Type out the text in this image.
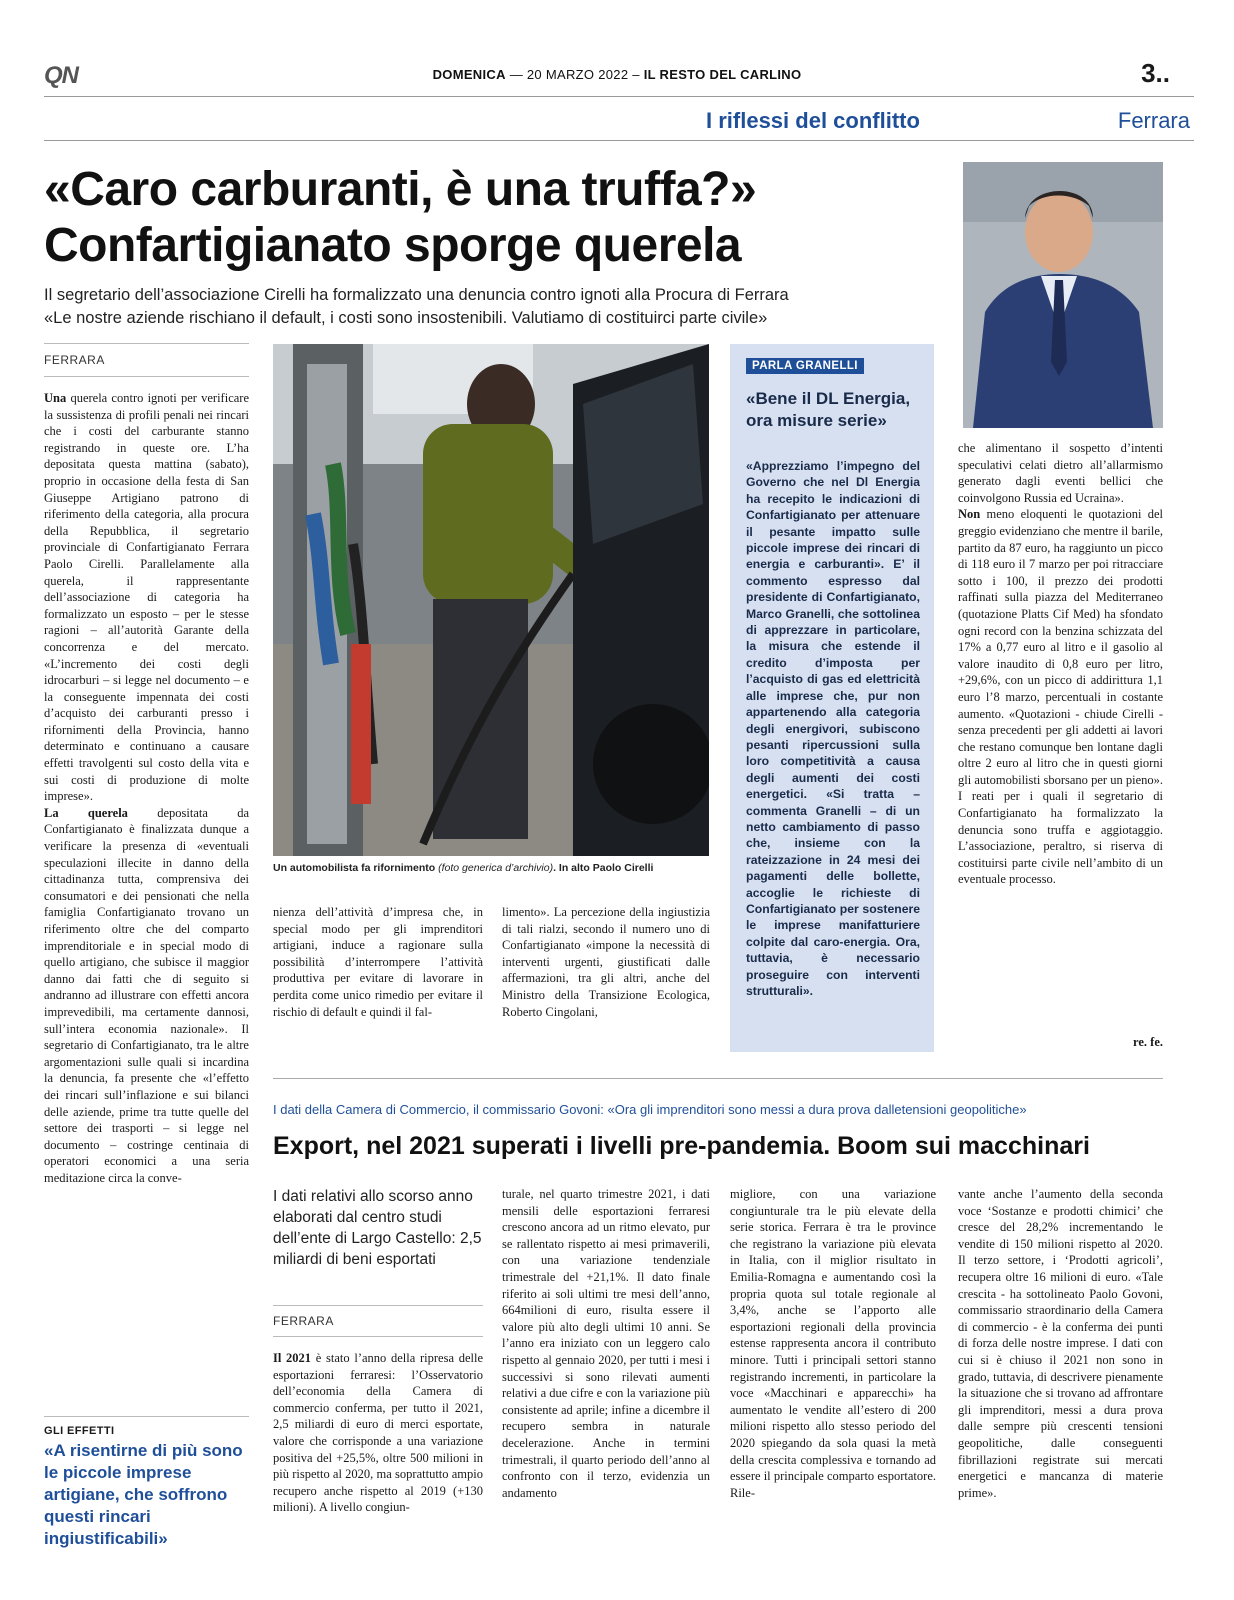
QN	DOMENICA — 20 MARZO 2022 – IL RESTO DEL CARLINO	3..
I riflessi del conflitto	Ferrara
«Caro carburanti, è una truffa?»
Confartigianato sporge querela
Il segretario dell’associazione Cirelli ha formalizzato una denuncia contro ignoti alla Procura di Ferrara
«Le nostre aziende rischiano il default, i costi sono insostenibili. Valutiamo di costituirci parte civile»
FERRARA
Una querela contro ignoti per verificare la sussistenza di profili penali nei rincari che i costi del carburante stanno registrando in queste ore. L’ha depositata questa mattina (sabato), proprio in occasione della festa di San Giuseppe Artigiano patrono di riferimento della categoria, alla procura della Repubblica, il segretario provinciale di Confartigianato Ferrara Paolo Cirelli. Parallelamente alla querela, il rappresentante dell’associazione di categoria ha formalizzato un esposto – per le stesse ragioni – all’autorità Garante della concorrenza e del mercato. «L’incremento dei costi degli idrocarburi – si legge nel documento – e la conseguente impennata dei costi d’acquisto dei carburanti presso i rifornimenti della Provincia, hanno determinato e continuano a causare effetti travolgenti sul costo della vita e sui costi di produzione di molte imprese».
La querela depositata da Confartigianato è finalizzata dunque a verificare la presenza di «eventuali speculazioni illecite in danno della cittadinanza tutta, comprensiva dei consumatori e dei pensionati che nella famiglia Confartigianato trovano un riferimento oltre che del comparto imprenditoriale e in special modo di quello artigiano, che subisce il maggior danno dai fatti che di seguito si andranno ad illustrare con effetti ancora imprevedibili, ma certamente dannosi, sull’intera economia nazionale». Il segretario di Confartigianato, tra le altre argomentazioni sulle quali si incardina la denuncia, fa presente che «l’effetto dei rincari sull’inflazione e sui bilanci delle aziende, prime tra tutte quelle del settore dei trasporti – si legge nel documento – costringe centinaia di operatori economici a una seria meditazione circa la conve-
GLI EFFETTI
«A risentirne di più sono le piccole imprese artigiane, che soffrono questi rincari ingiustificabili»
Un automobilista fa rifornimento (foto generica d’archivio). In alto Paolo Cirelli
nienza dell’attività d’impresa che, in special modo per gli imprenditori artigiani, induce a ragionare sulla possibilità d’interrompere l’attività produttiva per evitare di lavorare in perdita come unico rimedio per evitare il rischio di default e quindi il fal-
limento». La percezione della ingiustizia di tali rialzi, secondo il numero uno di Confartigianato «impone la necessità di interventi urgenti, giustificati dalle affermazioni, tra gli altri, anche del Ministro della Transizione Ecologica, Roberto Cingolani,
PARLA GRANELLI
«Bene il DL Energia, ora misure serie»
«Apprezziamo l’impegno del Governo che nel Dl Energia ha recepito le indicazioni di Confartigianato per attenuare il pesante impatto sulle piccole imprese dei rincari di energia e carburanti». E’ il commento espresso dal presidente di Confartigianato, Marco Granelli, che sottolinea di apprezzare in particolare, la misura che estende il credito d’imposta per l’acquisto di gas ed elettricità alle imprese che, pur non appartenendo alla categoria degli energivori, subiscono pesanti ripercussioni sulla loro competitività a causa degli aumenti dei costi energetici. «Si tratta – commenta Granelli – di un netto cambiamento di passo che, insieme con la rateizzazione in 24 mesi dei pagamenti delle bollette, accoglie le richieste di Confartigianato per sostenere le imprese manifatturiere colpite dal caro-energia. Ora, tuttavia, è necessario proseguire con interventi strutturali».
che alimentano il sospetto d’intenti speculativi celati dietro all’allarmismo generato dagli eventi bellici che coinvolgono Russia ed Ucraina».
Non meno eloquenti le quotazioni del greggio evidenziano che mentre il barile, partito da 87 euro, ha raggiunto un picco di 118 euro il 7 marzo per poi ritracciare sotto i 100, il prezzo dei prodotti raffinati sulla piazza del Mediterraneo (quotazione Platts Cif Med) ha sfondato ogni record con la benzina schizzata del 17% a 0,77 euro al litro e il gasolio al valore inaudito di 0,8 euro per litro, +29,6%, con un picco di addirittura 1,1 euro l’8 marzo, percentuali in costante aumento. «Quotazioni - chiude Cirelli - senza precedenti per gli addetti ai lavori che restano comunque ben lontane dagli oltre 2 euro al litro che in questi giorni gli automobilisti sborsano per un pieno». I reati per i quali il segretario di Confartigianato ha formalizzato la denuncia sono truffa e aggiotaggio. L’associazione, peraltro, si riserva di costituirsi parte civile nell’ambito di un eventuale processo.
re. fe.
I dati della Camera di Commercio, il commissario Govoni: «Ora gli imprenditori sono messi a dura prova dalletensioni geopolitiche»
Export, nel 2021 superati i livelli pre-pandemia. Boom sui macchinari
I dati relativi allo scorso anno elaborati dal centro studi dell’ente di Largo Castello: 2,5 miliardi di beni esportati
FERRARA
Il 2021 è stato l’anno della ripresa delle esportazioni ferraresi: l’Osservatorio dell’economia della Camera di commercio conferma, per tutto il 2021, 2,5 miliardi di euro di merci esportate, valore che corrisponde a una variazione positiva del +25,5%, oltre 500 milioni in più rispetto al 2020, ma soprattutto ampio recupero anche rispetto al 2019 (+130 milioni). A livello congiun-
turale, nel quarto trimestre 2021, i dati mensili delle esportazioni ferraresi crescono ancora ad un ritmo elevato, pur se rallentato rispetto ai mesi primaverili, con una variazione tendenziale trimestrale del +21,1%. Il dato finale riferito ai soli ultimi tre mesi dell’anno, 664milioni di euro, risulta essere il valore più alto degli ultimi 10 anni. Se l’anno era iniziato con un leggero calo rispetto al gennaio 2020, per tutti i mesi i successivi si sono rilevati aumenti relativi a due cifre e con la variazione più consistente ad aprile; infine a dicembre il recupero sembra in naturale decelerazione. Anche in termini trimestrali, il quarto periodo dell’anno al confronto con il terzo, evidenzia un andamento
migliore, con una variazione congiunturale tra le più elevate della serie storica. Ferrara è tra le province che registrano la variazione più elevata in Italia, con il miglior risultato in Emilia-Romagna e aumentando così la propria quota sul totale regionale al 3,4%, anche se l’apporto alle esportazioni regionali della provincia estense rappresenta ancora il contributo minore. Tutti i principali settori stanno registrando incrementi, in particolare la voce «Macchinari e apparecchi» ha aumentato le vendite all’estero di 200 milioni rispetto allo stesso periodo del 2020 spiegando da sola quasi la metà della crescita complessiva e tornando ad essere il principale comparto esportatore. Rile-
vante anche l’aumento della seconda voce ‘Sostanze e prodotti chimici’ che cresce del 28,2% incrementando le vendite di 150 milioni rispetto al 2020. Il terzo settore, i ‘Prodotti agricoli’, recupera oltre 16 milioni di euro. «Tale crescita - ha sottolineato Paolo Govoni, commissario straordinario della Camera di commercio - è la conferma dei punti di forza delle nostre imprese. I dati con cui si è chiuso il 2021 non sono in grado, tuttavia, di descrivere pienamente la situazione che si trovano ad affrontare gli imprenditori, messi a dura prova dalle sempre più crescenti tensioni geopolitiche, dalle conseguenti fibrillazioni registrate sui mercati energetici e mancanza di materie prime».
